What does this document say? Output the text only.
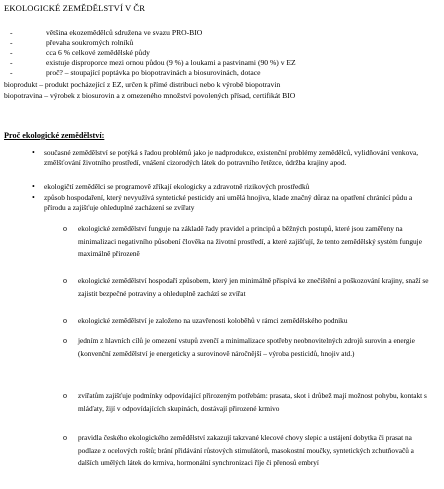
EKOLOGICKÉ ZEMĚDĚLSTVÍ V ČR
-	většina ekozemědělců sdružena ve svazu PRO-BIO
-	převaha soukromých rolníků
-	cca 6 % celkové zemědělské půdy
-	existuje disproporce mezi ornou půdou (9 %) a loukami a pastvinami (90 %) v EZ
-	proč? – stoupající poptávka po biopotravinách a biosurovinách, dotace
bioprodukt – produkt pocházející z EZ, určen k přímé distribuci nebo k výrobě biopotravin
biopotravina – výrobek z biosurovin a z omezeného množství povolených přísad, certifikát BIO
Proč ekologické zemědělství:
• současné zemědělství se potýká s řadou problémů jako je nadprodukce, existenční problémy zemědělců, vylidňování venkova, změlšťování životního prostředí, vnášení cizorodých látek do potravního řetězce, údržba krajiny apod.
• ekologičtí zemědělci se programově zříkají ekologicky a zdravotně rizikových prostředků
• způsob hospodaření, který nevyužívá syntetické pesticidy ani umělá hnojiva, klade značný důraz na opatření chránící půdu a přírodu a zajišťuje ohleduplné zacházení se zvířaty
o ekologické zemědělství funguje na základě řady pravidel a principů a běžných postupů, které jsou zaměřeny na minimalizaci negativního působení člověka na životní prostředí, a které zajišťují, že tento zemědělský systém funguje maximálně přirozeně
o ekologické zemědělství hospodaří způsobem, který jen minimálně přispívá ke znečištění a poškozování krajiny, snaží se zajistit bezpečné potraviny a ohleduplně zachází se zvířat
o ekologické zemědělství je založeno na uzavřenosti koloběhů v rámci zemědělského podniku
o jedním z hlavních cílů je omezení vstupů zvenčí a minimalizace spotřeby neobnovitelných zdrojů surovin a energie (konvenční zemědělství je energeticky a surovinově náročnější – výroba pesticidů, hnojiv atd.)
o zvířatům zajišťuje podmínky odpovídající přirozeným potřebám: prasata, skot i drůbež mají možnost pohybu, kontakt s mláďaty, žijí v odpovídajících skupinách, dostávají přirozené krmivo
o pravidla českého ekologického zemědělství zakazují takzvané klecové chovy slepic a ustájení dobytka či prasat na podlaze z ocelových roštů; brání přidávání růstových stimulátorů, masokostní moučky, syntetických zchutňovačů a dalších umělých látek do krmiva, hormonální synchronizaci říje či přenosů embryí
